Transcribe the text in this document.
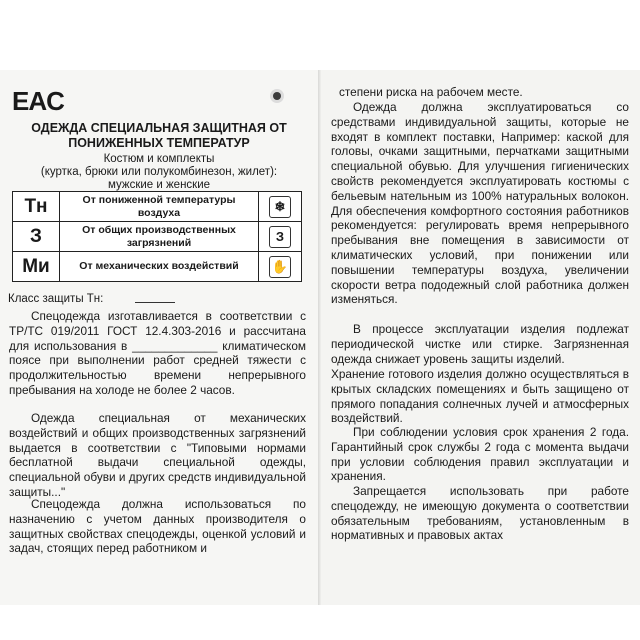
EAC
ОДЕЖДА СПЕЦИАЛЬНАЯ ЗАЩИТНАЯ ОТ
ПОНИЖЕННЫХ ТЕМПЕРАТУР
Костюм и комплекты
(куртка, брюки или полукомбинезон, жилет):
мужские и женские
Тн	От пониженной температуры воздуха	❄
З	От общих производственных загрязнений	З
Ми	От механических воздействий	✋
Класс защиты Тн:

Спецодежда изготавливается в соответствии с ТР/ТС 019/2011 ГОСТ 12.4.303-2016 и рассчитана для использования в _____________ климатическом поясе при выполнении работ средней тяжести с продолжительностью времени непрерывного пребывания на холоде не более 2 часов.

Одежда специальная от механических воздействий и общих производственных загрязнений выдается в соответствии с "Типовыми нормами бесплатной выдачи специальной одежды, специальной обуви и других средств индивидуальной защиты..."

Спецодежда должна использоваться по назначению с учетом данных производителя о защитных свойствах спецодежды, оценкой условий и задач, стоящих перед работником и

степени риска на рабочем месте.

Одежда должна эксплуатироваться со средствами индивидуальной защиты, которые не входят в комплект поставки, Например: каской для головы, очками защитными, перчатками защитными специальной обувью. Для улучшения гигиенических свойств рекомендуется эксплуатировать костюмы с бельевым нательным из 100% натуральных волокон. Для обеспечения комфортного состояния работников рекомендуется: регулировать время непрерывного пребывания вне помещения в зависимости от климатических условий, при понижении или повышении температуры воздуха, увеличении скорости ветра пододежный слой работника должен изменяться.

В процессе эксплуатации изделия подлежат периодической чистке или стирке. Загрязненная одежда снижает уровень защиты изделий.

Хранение готового изделия должно осуществляться в крытых складских помещениях и быть защищено от прямого попадания солнечных лучей и атмосферных воздействий.

При соблюдении условия срок хранения 2 года. Гарантийный срок службы 2 года с момента выдачи при условии соблюдения правил эксплуатации и хранения.

Запрещается использовать при работе спецодежду, не имеющую документа о соответствии обязательным требованиям, установленным в нормативных и правовых актах
